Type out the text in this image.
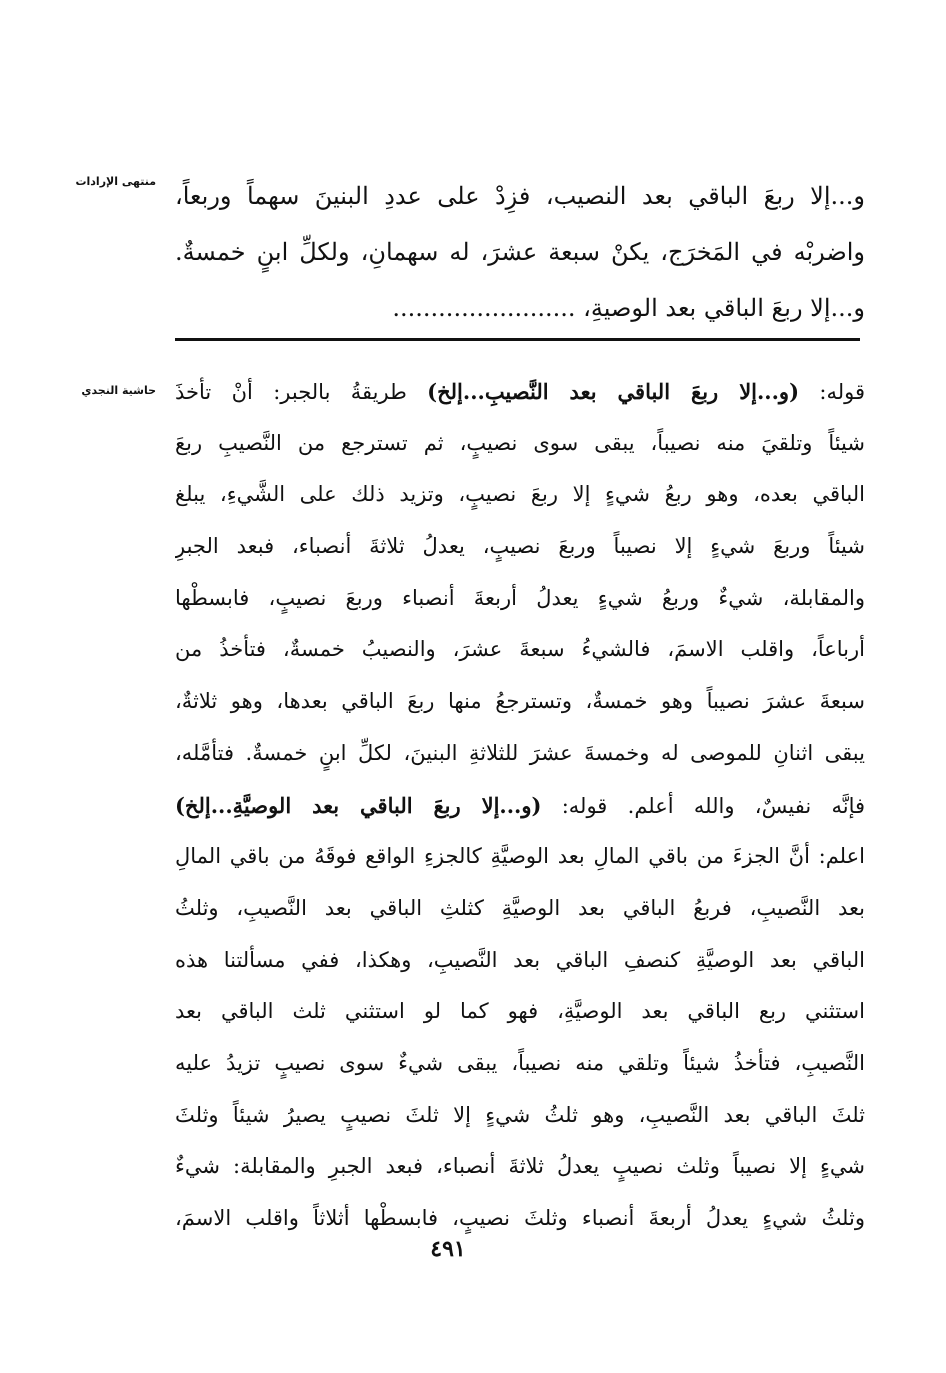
منتهى الإرادات
و...إلا ربعَ الباقي بعد النصيب، فزِدْ على عددِ البنينَ سهماً وربعاً،
واضربْه في المَخرَج، يكنْ سبعة عشرَ، له سهمانِ، ولكلِّ ابنٍ خمسةٌ.
و...إلا ربعَ الباقي بعد الوصيةِ، ........................
حاشية النجدي	قوله: (و...إلا ربعَ الباقي بعد النَّصيبِ...إلخ) طريقةُ بالجبر: أنْ تأخذَ
شيئاً وتلقيَ منه نصيباً، يبقى سوى نصيبٍ، ثم تسترجع من النَّصيبِ ربعَ
الباقي بعده، وهو ربعُ شيءٍ إلا ربعَ نصيبٍ، وتزيد ذلك على الشَّيءِ، يبلغ
شيئاً وربعَ شيءٍ إلا نصيباً وربعَ نصيبٍ، يعدلُ ثلاثةَ أنصباء، فبعد الجبرِ
والمقابلة، شيءٌ وربعُ شيءٍ يعدلُ أربعةَ أنصباء وربعَ نصيبٍ، فابسطْها
أرباعاً، واقلب الاسمَ، فالشيءُ سبعةَ عشرَ، والنصيبُ خمسةٌ، فتأخذُ من
سبعةَ عشرَ نصيباً وهو خمسةٌ، وتسترجعُ منها ربعَ الباقي بعدها، وهو ثلاثةٌ،
يبقى اثنانِ للموصى له وخمسةَ عشرَ للثلاثةِ البنينَ، لكلِّ ابنٍ خمسةٌ. فتأمَّله،
فإنَّه نفيسٌ، والله أعلم. قوله: (و...إلا ربعَ الباقي بعد الوصيَّةِ...إلخ)
اعلم: أنَّ الجزءَ من باقي المالِ بعد الوصيَّةِ كالجزءِ الواقع فوقَهُ من باقي المالِ
بعد النَّصيبِ، فربعُ الباقي بعد الوصيَّةِ كثلثِ الباقي بعد النَّصيبِ، وثلثُ
الباقي بعد الوصيَّةِ كنصفِ الباقي بعد النَّصيبِ، وهكذا، ففي مسألتنا هذه
استثني ربع الباقي بعد الوصيَّةِ، فهو كما لو استثني ثلث الباقي بعد
النَّصيبِ، فتأخذُ شيئاً وتلقي منه نصيباً، يبقى شيءٌ سوى نصيبٍ تزيدُ عليه
ثلثَ الباقي بعد النَّصيبِ، وهو ثلثُ شيءٍ إلا ثلثَ نصيبٍ يصيرُ شيئاً وثلثَ
شيءٍ إلا نصيباً وثلث نصيبٍ يعدلُ ثلاثةَ أنصباء، فبعد الجبرِ والمقابلة: شيءٌ
وثلثُ شيءٍ يعدلُ أربعةَ أنصباء وثلثَ نصيبٍ، فابسطْها أثلاثاً واقلب الاسمَ،
٤٩١
